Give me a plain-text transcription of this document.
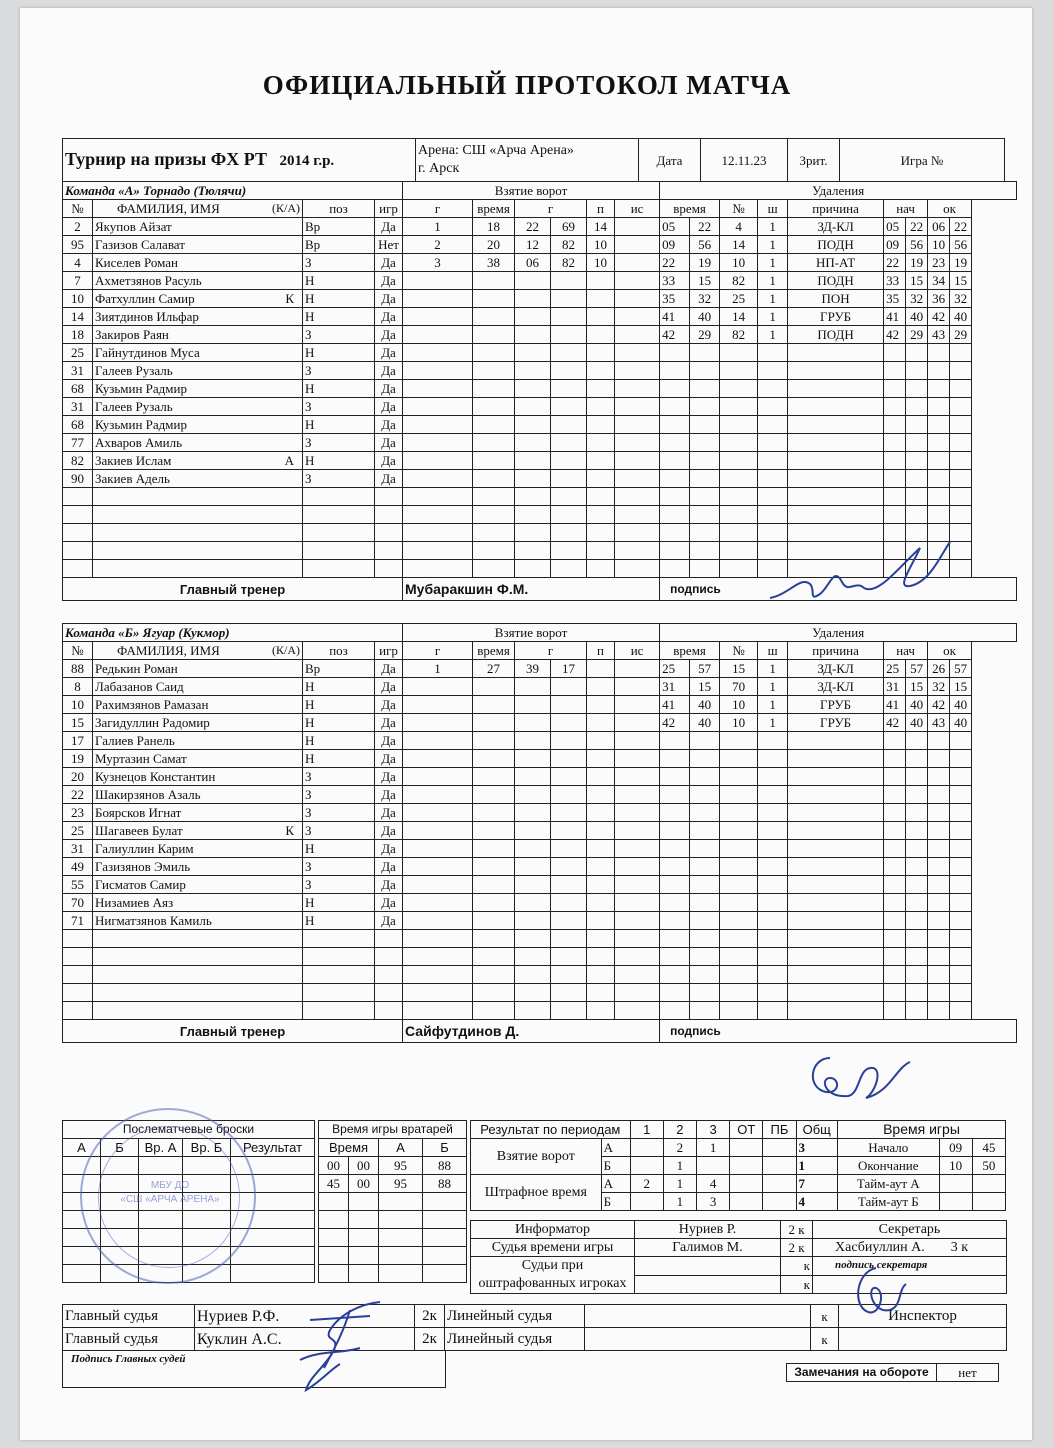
ОФИЦИАЛЬНЫЙ ПРОТОКОЛ МАТЧА
Турнир на призы ФХ РТ 2014 г.р.	
Арена: СШ «Арча Арена»
г. Арск
	Дата	12.11.23	Зрит.	Игра №
Команда «А» Торнадо (Тюлячи)				Взятие ворот						Удаления								
№	ФАМИЛИЯ, ИМЯ (К/А)	поз	игр	г	время	г		п	ис	время		№	ш	причина	нач		ок	
2	Якупов Айзат	Вр	Да	1	18	22	69	14		05	22	4	1	ЗД-КЛ	05	22	06	22
95	Газизов Салават	Вр	Нет	2	20	12	82	10		09	56	14	1	ПОДН	09	56	10	56
4	Киселев Роман	З	Да	3	38	06	82	10		22	19	10	1	НП-АТ	22	19	23	19
7	Ахметзянов Расуль	Н	Да							33	15	82	1	ПОДН	33	15	34	15
10	Фатхуллин Самир К	Н	Да							35	32	25	1	ПОН	35	32	36	32
14	Зиятдинов Ильфар	Н	Да							41	40	14	1	ГРУБ	41	40	42	40
18	Закиров Раян	З	Да							42	29	82	1	ПОДН	42	29	43	29
25	Гайнутдинов Муса	Н	Да															
31	Галеев Рузаль	З	Да															
68	Кузьмин Радмир	Н	Да															
31	Галеев Рузаль	З	Да															
68	Кузьмин Радмир	Н	Да															
77	Ахваров Амиль	З	Да															
82	Закиев Ислам А	Н	Да															
90	Закиев Адель	З	Да															

Главный тренер				Мубаракшин Ф.М.						подпись								
Команда «Б» Ягуар (Кукмор)				Взятие ворот						Удаления								
№	ФАМИЛИЯ, ИМЯ (К/А)	поз	игр	г	время	г		п	ис	время		№	ш	причина	нач		ок	
88	Редькин Роман	Вр	Да	1	27	39	17			25	57	15	1	ЗД-КЛ	25	57	26	57
8	Лабазанов Саид	Н	Да							31	15	70	1	ЗД-КЛ	31	15	32	15
10	Рахимзянов Рамазан	Н	Да							41	40	10	1	ГРУБ	41	40	42	40
15	Загидуллин Радомир	Н	Да							42	40	10	1	ГРУБ	42	40	43	40
17	Галиев Ранель	Н	Да															
19	Муртазин Самат	Н	Да															
20	Кузнецов Константин	З	Да															
22	Шакирзянов Азаль	З	Да															
23	Боярсков Игнат	З	Да															
25	Шагавеев Булат К	З	Да															
31	Галиуллин Карим	Н	Да															
49	Газизянов Эмиль	З	Да															
55	Гисматов Самир	З	Да															
70	Низамиев Аяз	Н	Да															
71	Нигматзянов Камиль	Н	Да															

Главный тренер				Сайфутдинов Д.						подпись								
Послематчевые броски				
А	Б	Вр. А	Вр. Б	Результат

Время игры вратарей			
Время		А	Б
00	00	95	88
45	00	95	88

Результат по периодам		1	2	3	ОТ	ПБ	Общ	Время игры		
Взятие ворот	А		2	1			3	Начало	09	45
	Б		1				1	Окончание	10	50
Штрафное время	А	2	1	4			7	Тайм-аут А		
	Б		1	3			4	Тайм-аут Б		
Информатор	Нуриев Р.	2 к	Секретарь
Судья времени игры	Галимов М.	2 к	Хасбиуллин А. 3 к

Судьи при
оштрафованных игроках		к	подпись секретаря
		к	
Главный судья	Нуриев Р.Ф.	2к	Линейный судья		к	Инспектор
Главный судья	Куклин А.С.	2к	Линейный судья		к	
Подпись Главных судей
Замечания на обороте	нет
МБУ ДО
«СШ «АРЧА АРЕНА»
